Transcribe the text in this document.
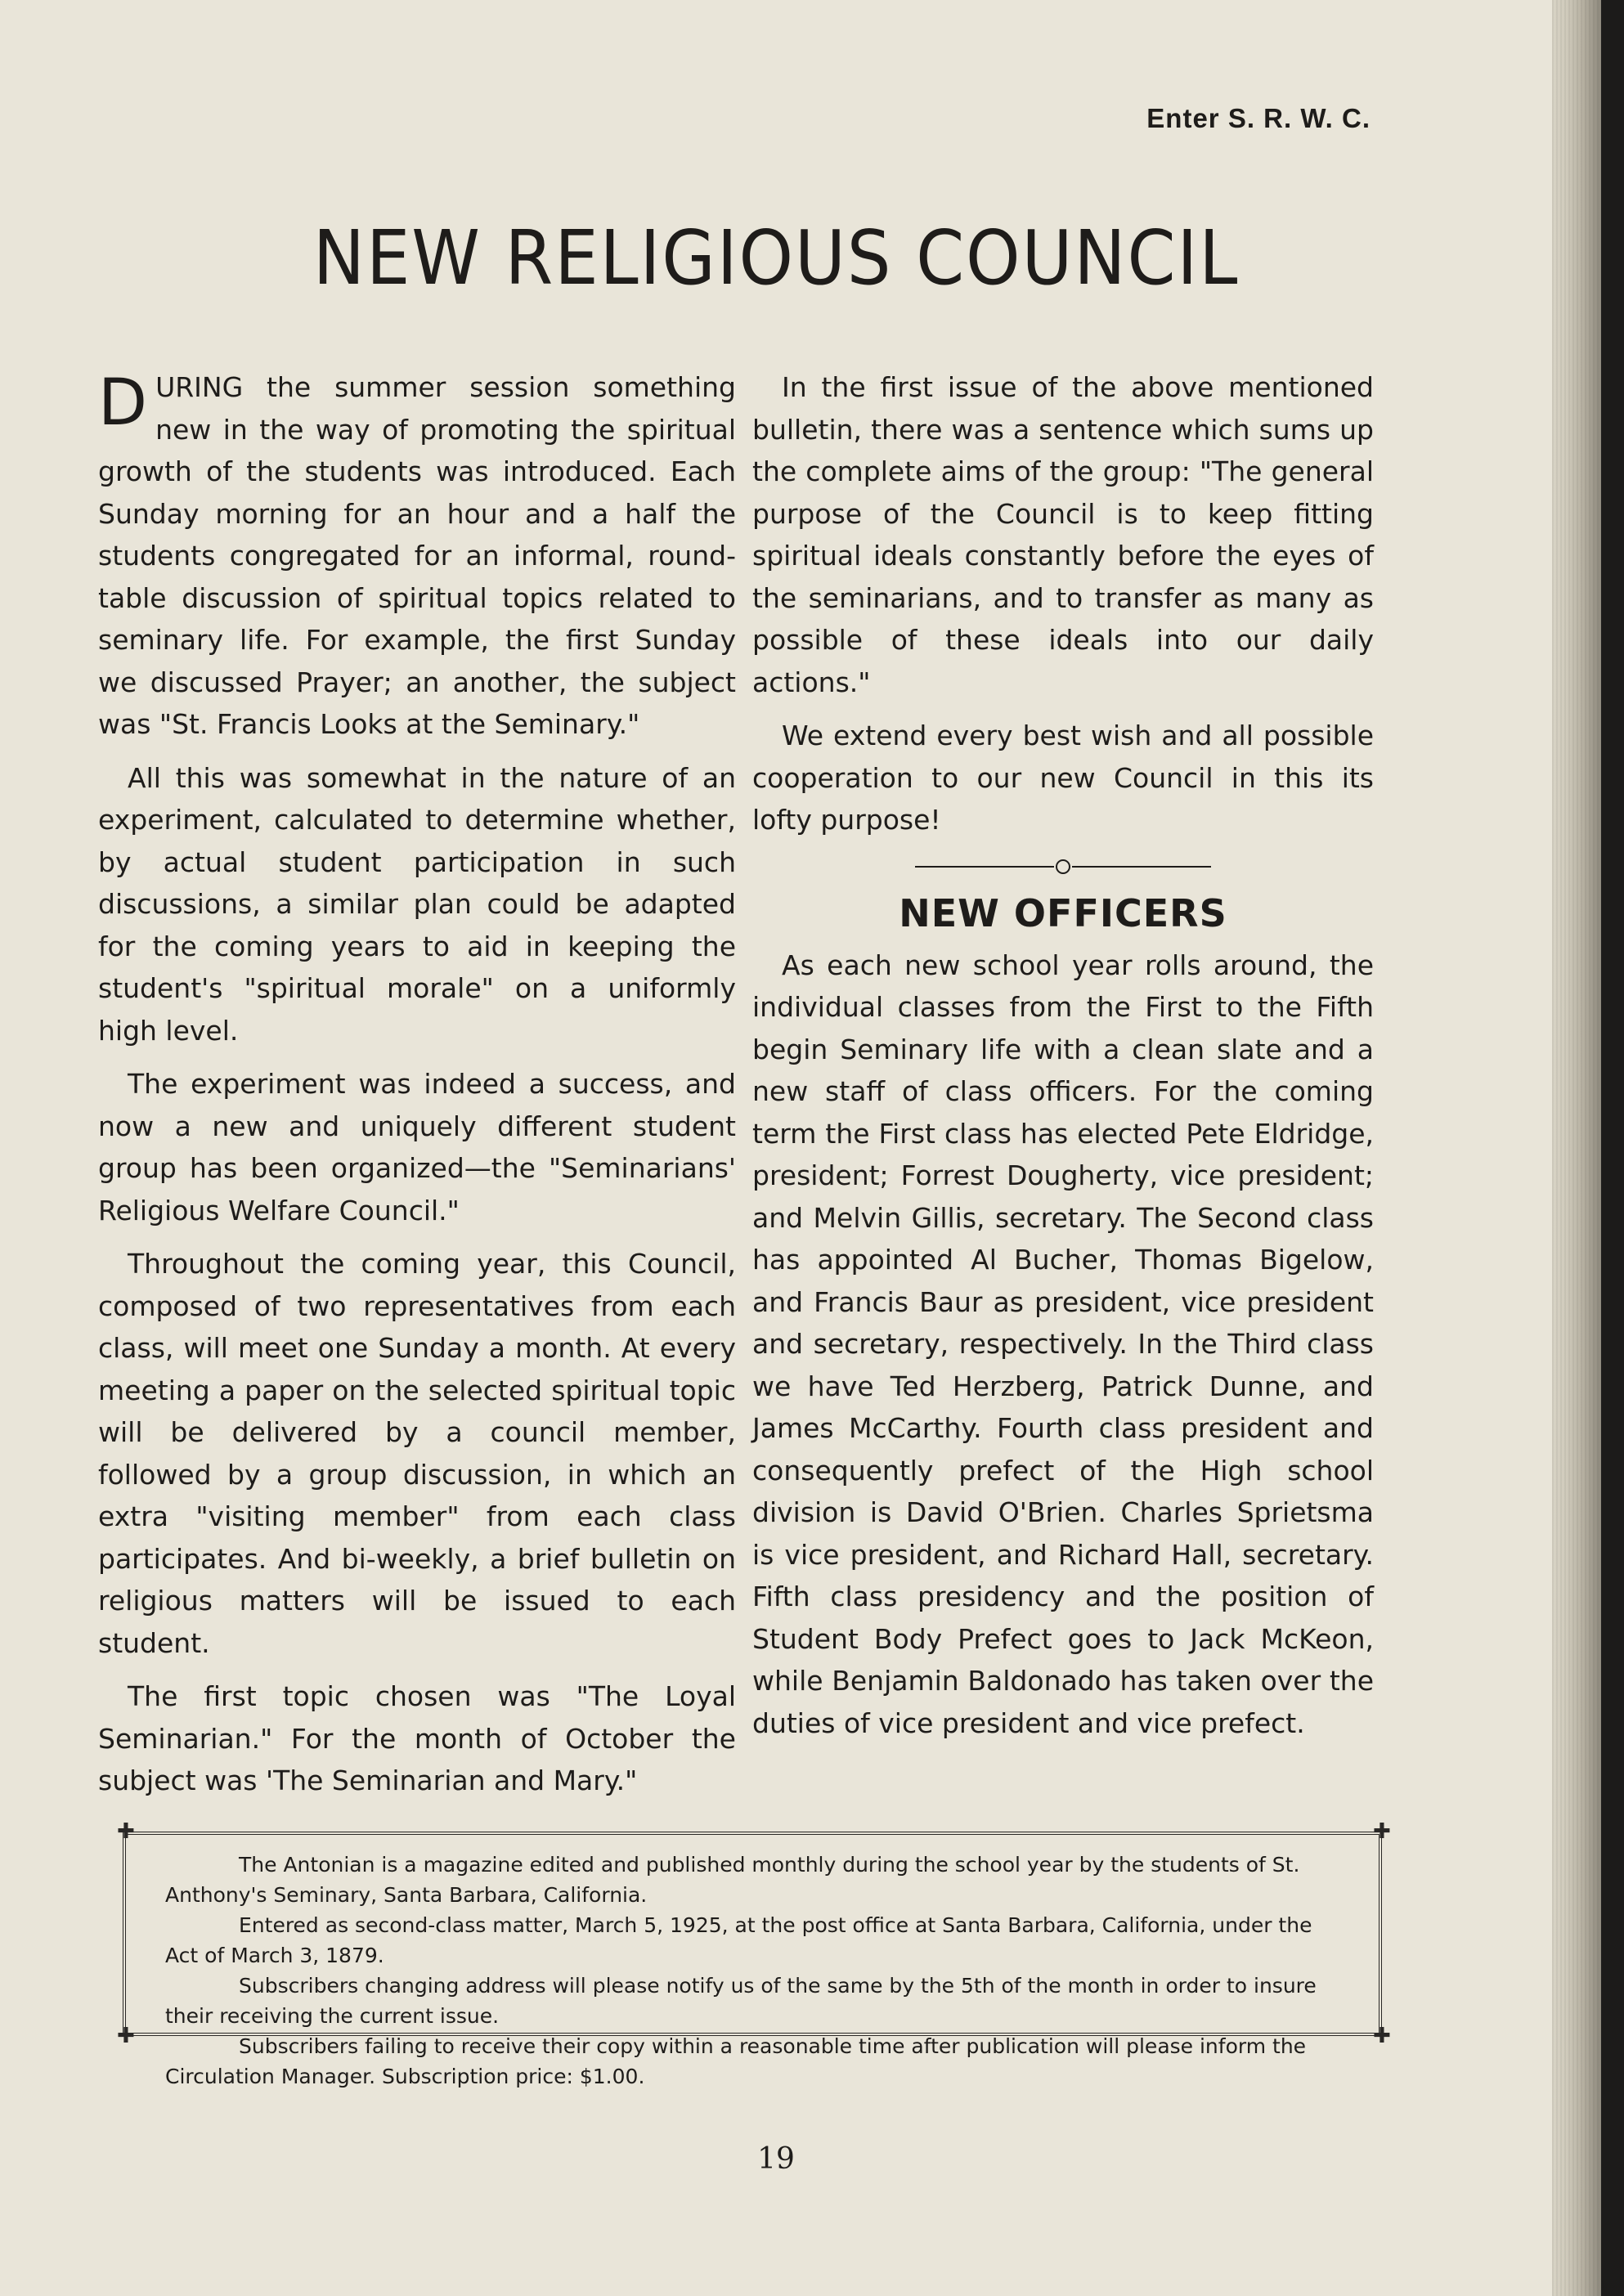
Enter S. R. W. C.
NEW RELIGIOUS COUNCIL

DURING the summer session something new in the way of promoting the spiritual growth of the students was introduced. Each Sunday morning for an hour and a half the students congregated for an informal, round-table discussion of spiritual topics related to seminary life. For example, the first Sunday we discussed Prayer; an another, the subject was "St. Francis Looks at the Seminary."

All this was somewhat in the nature of an experiment, calculated to determine whether, by actual student participation in such discussions, a similar plan could be adapted for the coming years to aid in keeping the student's "spiritual morale" on a uniformly high level.

The experiment was indeed a success, and now a new and uniquely different student group has been organized—the "Seminarians' Religious Welfare Council."

Throughout the coming year, this Council, composed of two representatives from each class, will meet one Sunday a month. At every meeting a paper on the selected spiritual topic will be delivered by a council member, followed by a group discussion, in which an extra "visiting member" from each class participates. And bi-weekly, a brief bulletin on religious matters will be issued to each student.

The first topic chosen was "The Loyal Seminarian." For the month of October the subject was 'The Seminarian and Mary."

In the first issue of the above mentioned bulletin, there was a sentence which sums up the complete aims of the group: "The general purpose of the Council is to keep fitting spiritual ideals constantly before the eyes of the seminarians, and to transfer as many as possible of these ideals into our daily actions."

We extend every best wish and all possible cooperation to our new Council in this its lofty purpose!

NEW OFFICERS

As each new school year rolls around, the individual classes from the First to the Fifth begin Seminary life with a clean slate and a new staff of class officers. For the coming term the First class has elected Pete Eldridge, president; Forrest Dougherty, vice president; and Melvin Gillis, secretary. The Second class has appointed Al Bucher, Thomas Bigelow, and Francis Baur as president, vice president and secretary, respectively. In the Third class we have Ted Herzberg, Patrick Dunne, and James McCarthy. Fourth class president and consequently prefect of the High school division is David O'Brien. Charles Sprietsma is vice president, and Richard Hall, secretary. Fifth class presidency and the position of Student Body Prefect goes to Jack McKeon, while Benjamin Baldonado has taken over the duties of vice president and vice prefect.

✚	✚
✚	✚

The Antonian is a magazine edited and published monthly during the school year by the students of St. Anthony's Seminary, Santa Barbara, California.

Entered as second-class matter, March 5, 1925, at the post office at Santa Barbara, California, under the Act of March 3, 1879.

Subscribers changing address will please notify us of the same by the 5th of the month in order to insure their receiving the current issue.

Subscribers failing to receive their copy within a reasonable time after publication will please inform the Circulation Manager. Subscription price: $1.00.

19
